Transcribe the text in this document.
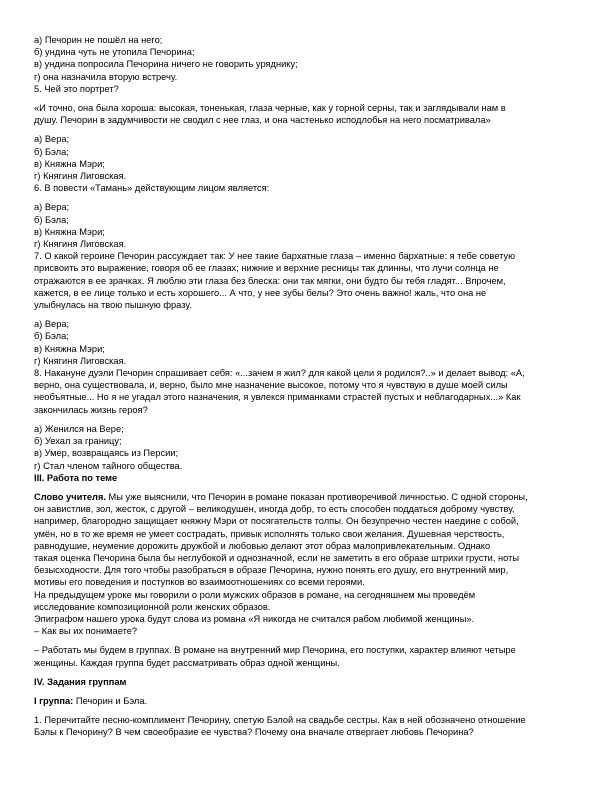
а) Печорин не пошёл на него;
б) ундина чуть не утопила Печорина;
в) ундина попросила Печорина ничего не говорить уряднику;
г) она назначила вторую встречу.
5. Чей это портрет?
«И точно, она была хороша: высокая, тоненькая, глаза черные, как у горной серны, так и заглядывали нам в
душу. Печорин в задумчивости не сводил с нее глаз, и она частенько исподлобья на него посматривала»
а) Вера;
б) Бэла;
в) Княжна Мэри;
г) Княгиня Лиговская.
6. В повести «Тамань» действующим лицом является:
а) Вера;
б) Бэла;
в) Княжна Мэри;
г) Княгиня Лиговская.
7. О какой героине Печорин рассуждает так: У нее такие бархатные глаза – именно бархатные: я тебе советую
присвоить это выражение, говоря об ее глазах; нижние и верхние ресницы так длинны, что лучи солнца не
отражаются в ее зрачках. Я люблю эти глаза без блеска: они так мягки, они будто бы тебя гладят... Впрочем,
кажется, в ее лице только и есть хорошего... А что, у нее зубы белы? Это очень важно! жаль, что она не
улыбнулась на твою пышную фразу.
а) Вера;
б) Бэла;
в) Княжна Мэри;
г) Княгиня Лиговская.
8. Накануне дуэли Печорин спрашивает себя: «...зачем я жил? для какой цели я родился?..» и делает вывод: «А,
верно, она существовала, и, верно, было мне назначение высокое, потому что я чувствую в душе моей силы
необъятные... Но я не угадал этого назначения, я увлекся приманками страстей пустых и неблагодарных...» Как
закончилась жизнь героя?
а) Женился на Вере;
б) Уехал за границу;
в) Умер, возвращаясь из Персии;
г) Стал членом тайного общества.
III. Работа по теме
Слово учителя. Мы уже выяснили, что Печорин в романе показан противоречивой личностью. С одной стороны,
он завистлив, зол, жесток, с другой – великодушен, иногда добр, то есть способен поддаться доброму чувству,
например, благородно защищает княжну Мэри от посягательств толпы. Он безупречно честен наедине с собой,
умён, но в то же время не умеет сострадать, привык исполнять только свои желания. Душевная черствость,
равнодушие, неумение дорожить дружбой и любовью делают этот образ малопривлекательным. Однако
такая оценка Печорина была бы неглубокой и однозначной, если не заметить в его образе штрихи грусти, ноты
безысходности. Для того чтобы разобраться в образе Печорина, нужно понять его душу, его внутренний мир,
мотивы его поведения и поступков во взаимоотношениях со всеми героями.
На предыдущем уроке мы говорили о роли мужских образов в романе, на сегодняшнем мы проведём
исследование композиционной роли женских образов.
Эпиграфом нашего урока будут слова из романа «Я никогда не считался рабом любимой женщины».
– Как вы их понимаете?
– Работать мы будем в группах. В романе на внутренний мир Печорина, его поступки, характер влияют четыре
женщины. Каждая группа будет рассматривать образ одной женщины.
IV. Задания группам
I группа: Печорин и Бэла.
1. Перечитайте песню-комплимент Печорину, спетую Бэлой на свадьбе сестры. Как в ней обозначено отношение
Бэлы к Печорину? В чем своеобразие ее чувства? Почему она вначале отвергает любовь Печорина?
